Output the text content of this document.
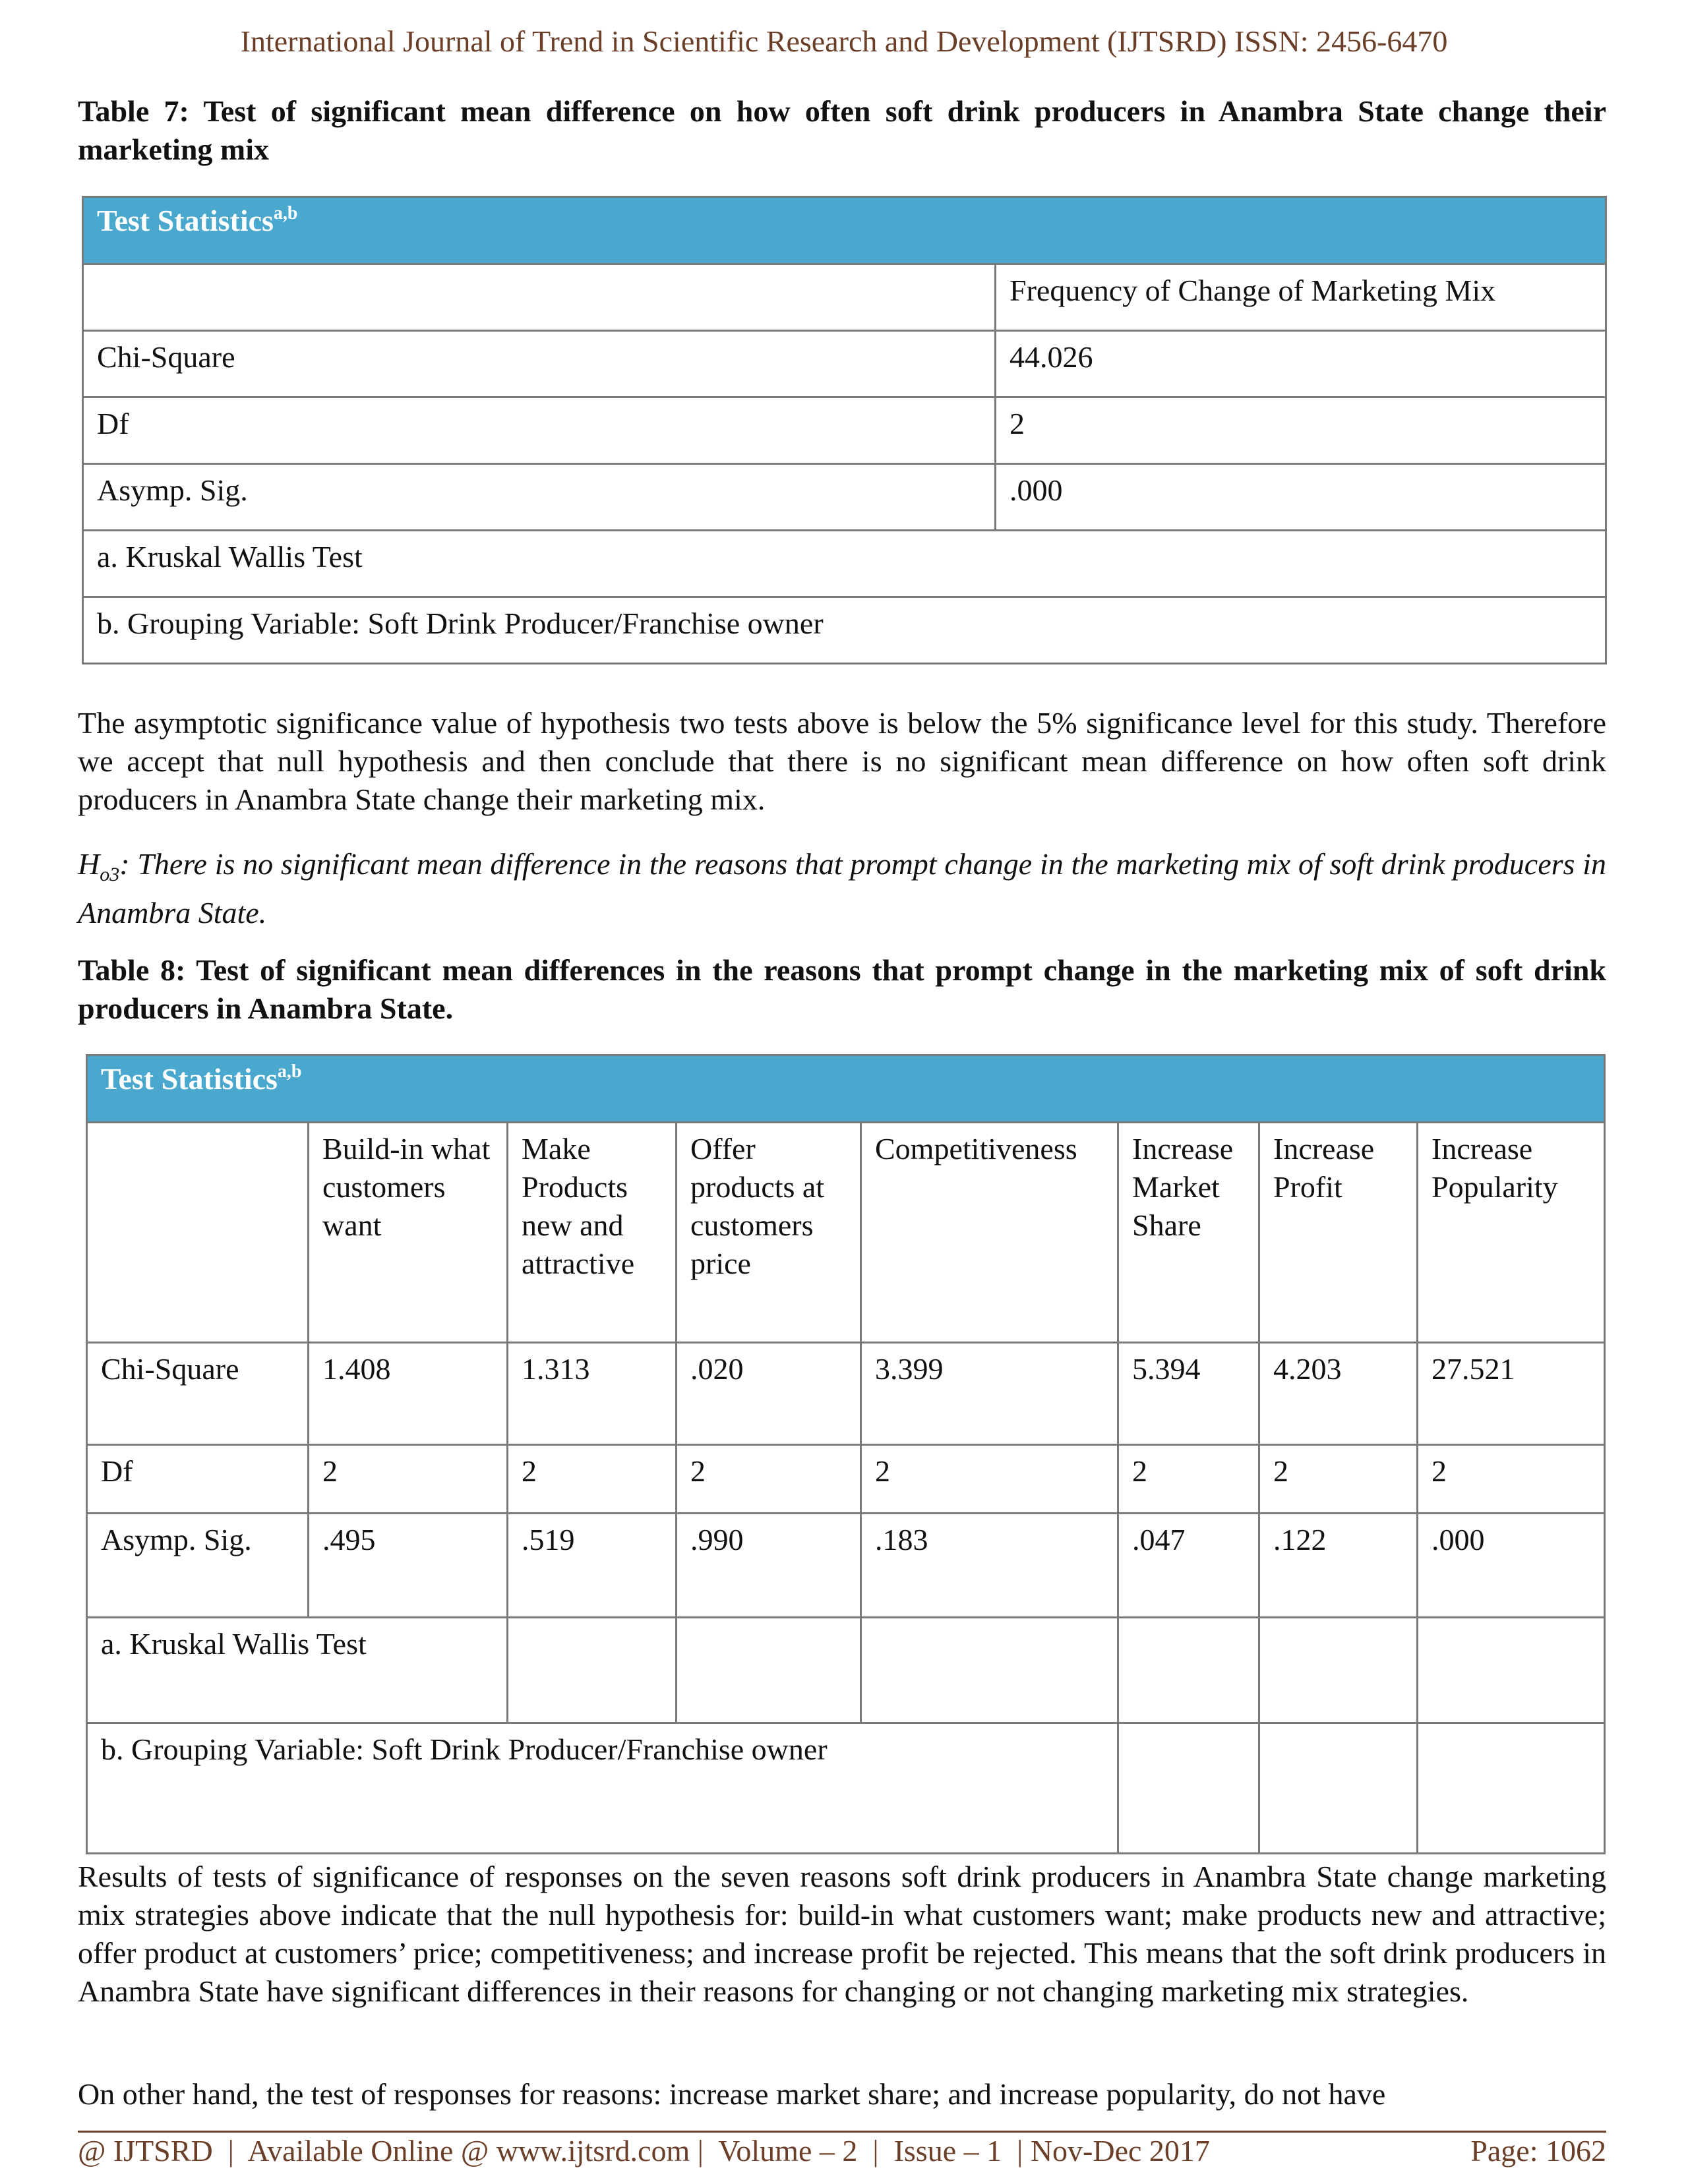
International Journal of Trend in Scientific Research and Development (IJTSRD) ISSN: 2456-6470
Table 7: Test of significant mean difference on how often soft drink producers in Anambra State change their marketing mix
Test Statistics$^{a,b}$
	Frequency of Change of Marketing Mix
Chi-Square	44.026
Df	2
Asymp. Sig.	.000
a. Kruskal Wallis Test	
b. Grouping Variable: Soft Drink Producer/Franchise owner	

The asymptotic significance value of hypothesis two tests above is below the 5% significance level for this study. Therefore we accept that null hypothesis and then conclude that there is no significant mean difference on how often soft drink producers in Anambra State change their marketing mix.

$H_{o3}$: There is no significant mean difference in the reasons that prompt change in the marketing mix of soft drink producers in Anambra State.

Table 8: Test of significant mean differences in the reasons that prompt change in the marketing mix of soft drink producers in Anambra State.
Test Statistics$^{a,b}$
	Build-in what customers want	Make Products new and attractive	Offer products at customers price	Competitiveness	Increase Market Share	Increase Profit	Increase Popularity
Chi-Square	1.408	1.313	.020	3.399	5.394	4.203	27.521
Df	2	2	2	2	2	2	2
Asymp. Sig.	.495	.519	.990	.183	.047	.122	.000
a. Kruskal Wallis Test							
b. Grouping Variable: Soft Drink Producer/Franchise owner							

Results of tests of significance of responses on the seven reasons soft drink producers in Anambra State change marketing mix strategies above indicate that the null hypothesis for: build-in what customers want; make products new and attractive; offer product at customers’ price; competitiveness; and increase profit be rejected. This means that the soft drink producers in Anambra State have significant differences in their reasons for changing or not changing marketing mix strategies.

On other hand, the test of responses for reasons: increase market share; and increase popularity, do not have

@ IJTSRD  |  Available Online @ www.ijtsrd.com |  Volume – 2  |  Issue – 1  | Nov-Dec 2017	Page: 1062
